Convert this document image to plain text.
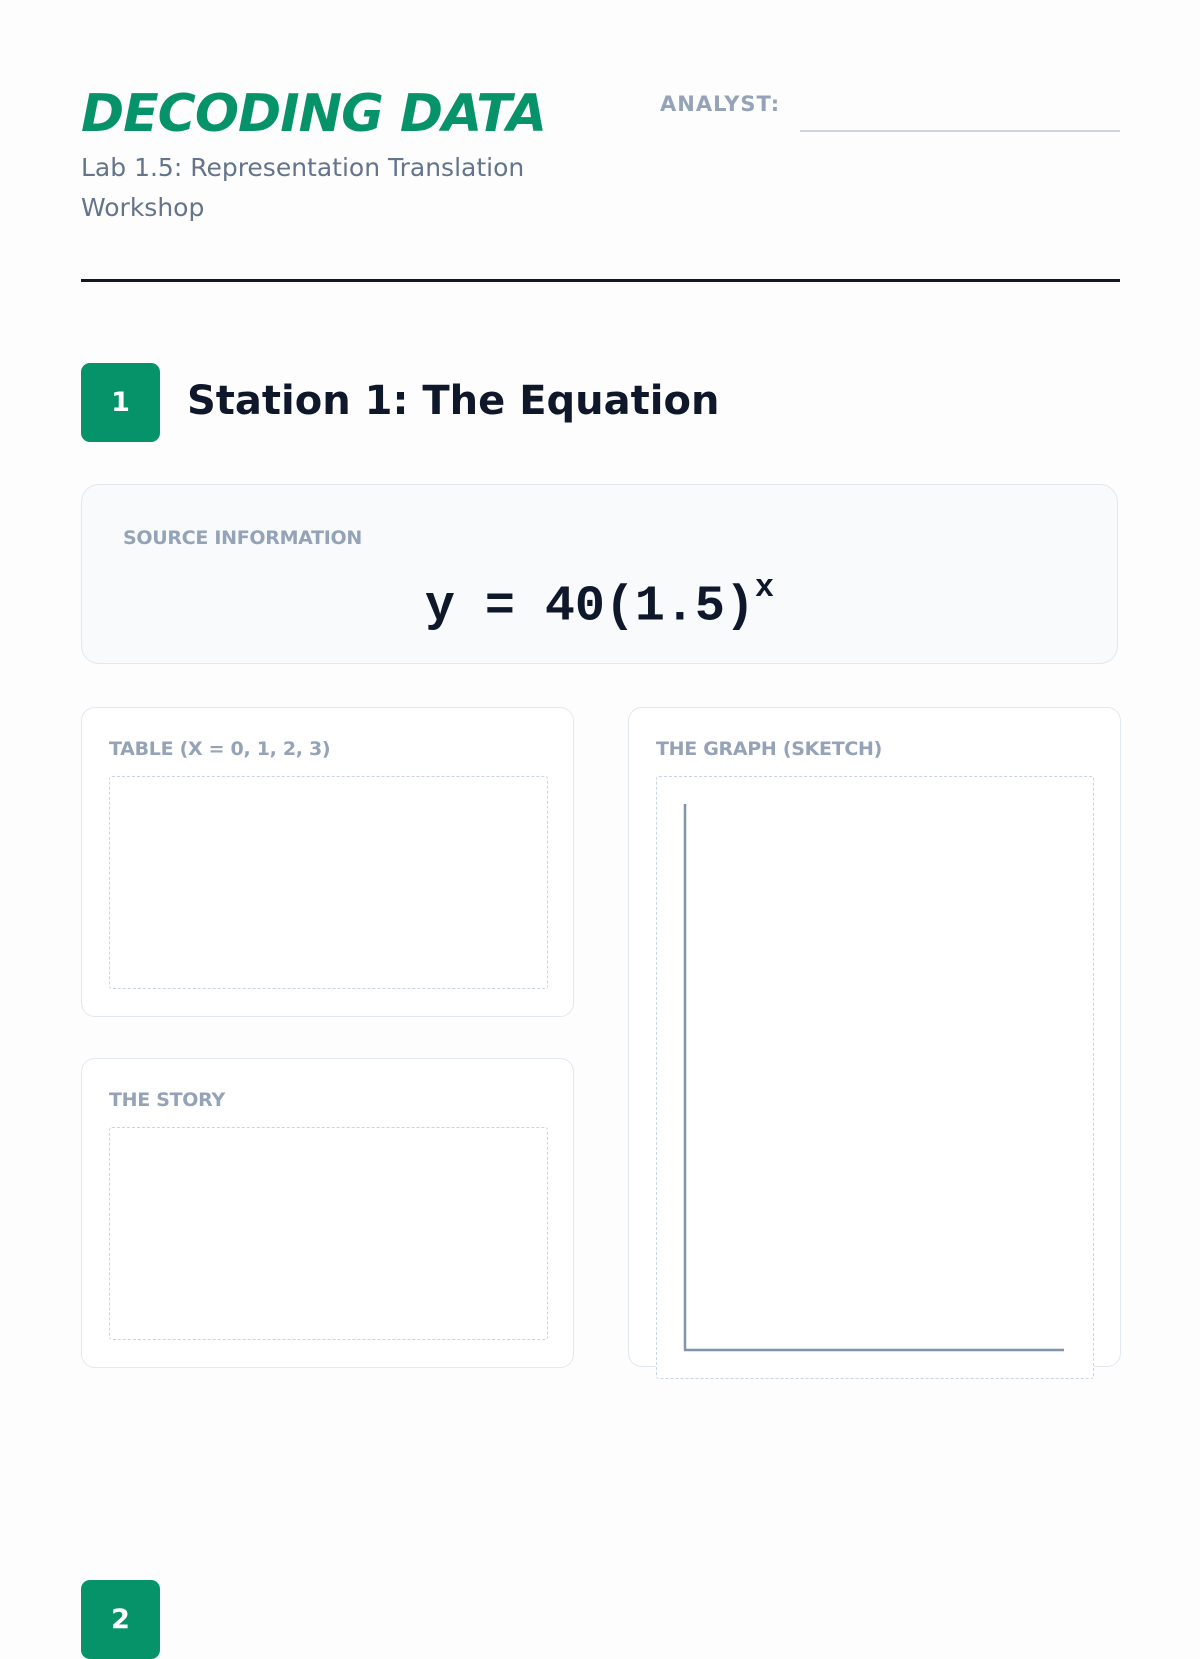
DECODING DATA

Lab 1.5: Representation Translation Workshop

ANALYST:
1	Station 1: The Equation
SOURCE INFORMATION
$y = 40(1.5)^x$
TABLE (X = 0, 1, 2, 3)
THE STORY
THE GRAPH (SKETCH)
2
